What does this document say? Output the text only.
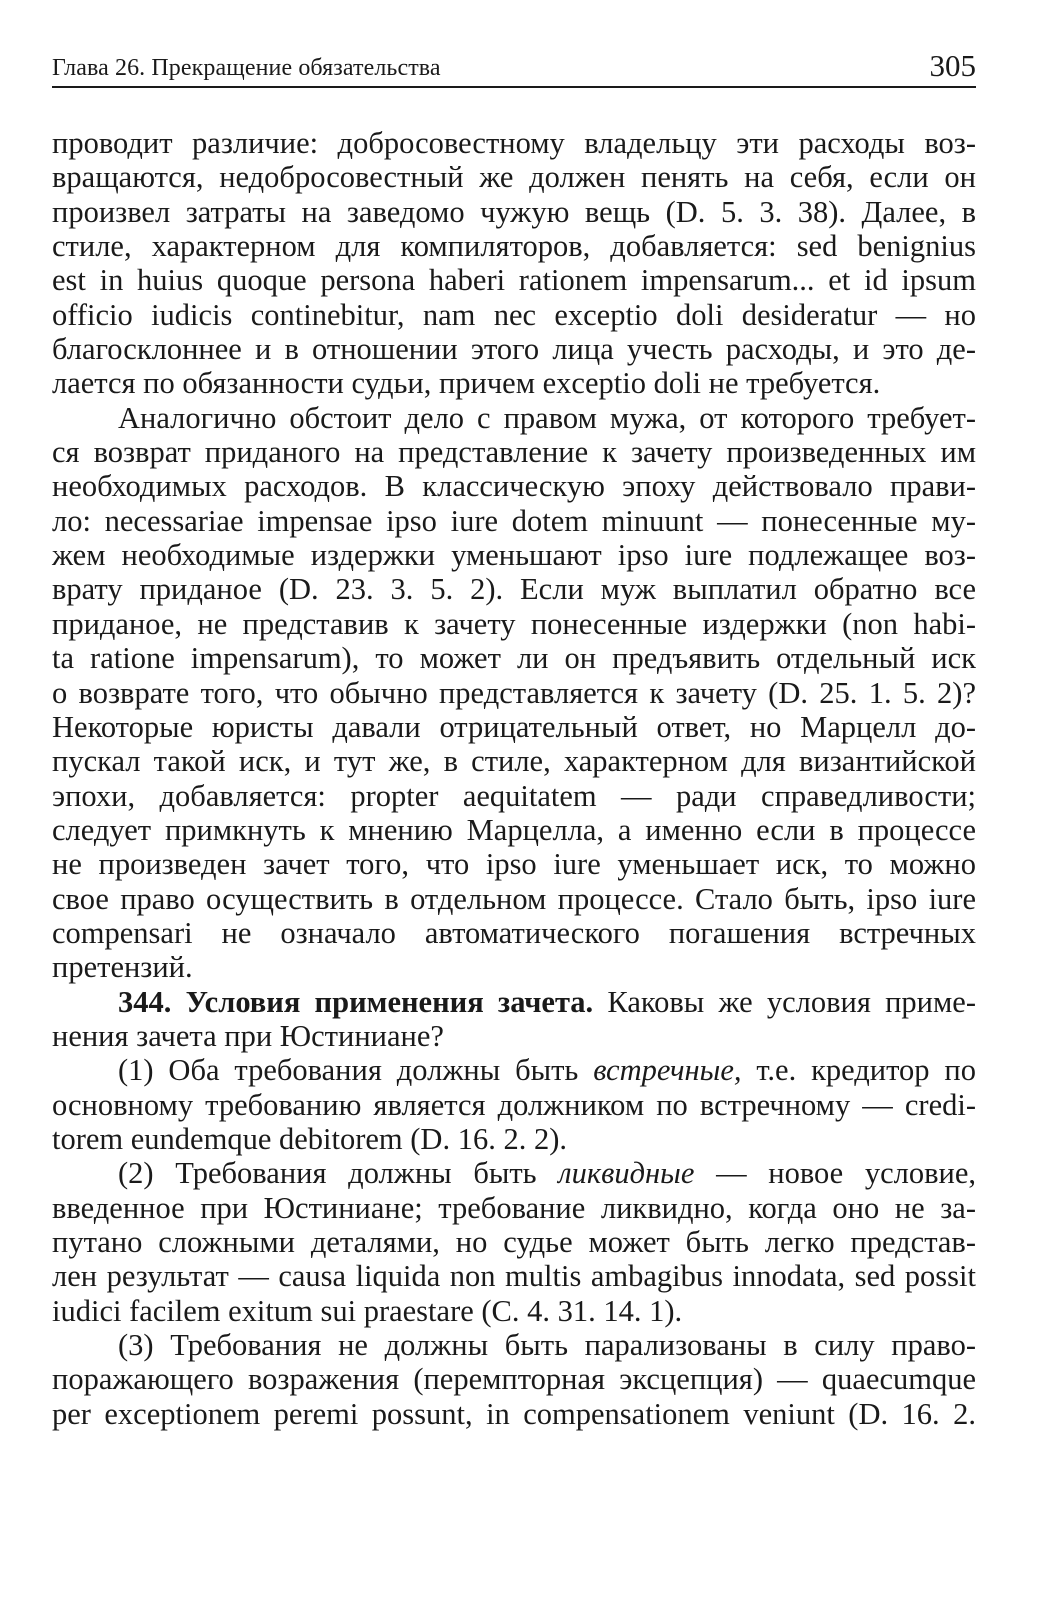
Глава 26. Прекращение обязательства	305
проводит различие: добросовестному владельцу эти расходы воз-
вращаются, недобросовестный же должен пенять на себя, если он
произвел затраты на заведомо чужую вещь (D. 5. 3. 38). Далее, в
стиле, характерном для компиляторов, добавляется: sed benignius
est in huius quoque persona haberi rationem impensarum... et id ipsum
officio iudicis continebitur, nam nec exceptio doli desideratur — но
благосклоннее и в отношении этого лица учесть расходы, и это де-
лается по обязанности судьи, причем exceptio doli не требуется.
Аналогично обстоит дело с правом мужа, от которого требует-
ся возврат приданого на представление к зачету произведенных им
необходимых расходов. В классическую эпоху действовало прави-
ло: necessariae impensae ipso iure dotem minuunt — понесенные му-
жем необходимые издержки уменьшают ipso iure подлежащее воз-
врату приданое (D. 23. 3. 5. 2). Если муж выплатил обратно все
приданое, не представив к зачету понесенные издержки (non habi-
ta ratione impensarum), то может ли он предъявить отдельный иск
о возврате того, что обычно представляется к зачету (D. 25. 1. 5. 2)?
Некоторые юристы давали отрицательный ответ, но Марцелл до-
пускал такой иск, и тут же, в стиле, характерном для византийской
эпохи, добавляется: propter aequitatem — ради справедливости;
следует примкнуть к мнению Марцелла, а именно если в процессе
не произведен зачет того, что ipso iure уменьшает иск, то можно
свое право осуществить в отдельном процессе. Стало быть, ipso iure
compensari не означало автоматического погашения встречных
претензий.
344. Условия применения зачета. Каковы же условия приме-
нения зачета при Юстиниане?
(1) Оба требования должны быть встречные, т.е. кредитор по
основному требованию является должником по встречному — credi-
torem eundemque debitorem (D. 16. 2. 2).
(2) Требования должны быть ликвидные — новое условие,
введенное при Юстиниане; требование ликвидно, когда оно не за-
путано сложными деталями, но судье может быть легко представ-
лен результат — causa liquida non multis ambagibus innodata, sed possit
iudici facilem exitum sui praestare (C. 4. 31. 14. 1).
(3) Требования не должны быть парализованы в силу право-
поражающего возражения (перемпторная эксцепция) — quaecumque
per exceptionem peremi possunt, in compensationem veniunt (D. 16. 2.
